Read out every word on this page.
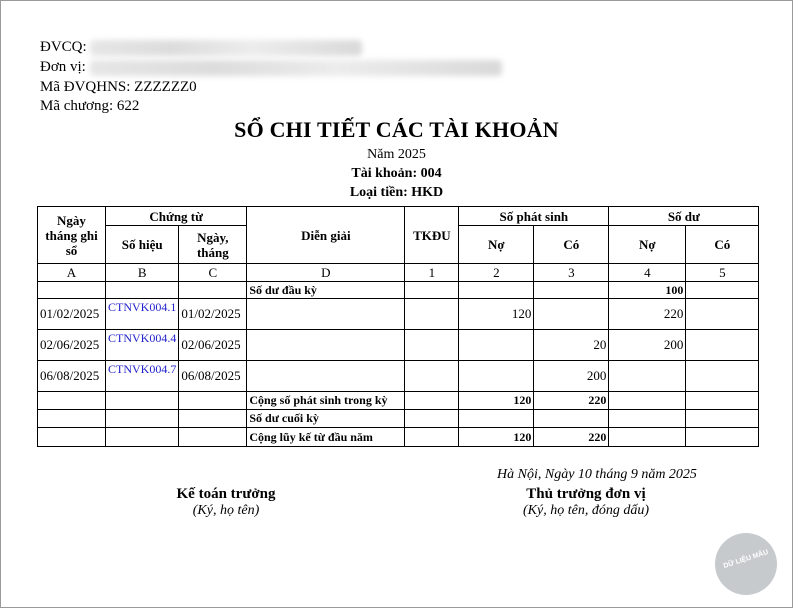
ĐVCQ:
Đơn vị:
Mã ĐVQHNS: ZZZZZZ0
Mã chương: 622
SỔ CHI TIẾT CÁC TÀI KHOẢN
Năm 2025
Tài khoản: 004
Loại tiền: HKD
Ngày tháng ghi sổ	Chứng từ		Diễn giải	TKĐU	Số phát sinh		Số dư	
	Số hiệu	Ngày, tháng			Nợ	Có	Nợ	Có
A	B	C	D	1	2	3	4	5
			Số dư đầu kỳ				100	
01/02/2025	CTNVK004.1	01/02/2025			120		220	
02/06/2025	CTNVK004.4	02/06/2025				20	200	
06/08/2025	CTNVK004.7	06/08/2025				200		
			Cộng số phát sinh trong kỳ		120	220		
			Số dư cuối kỳ					
			Cộng lũy kế từ đầu năm		120	220		
Hà Nội, Ngày 10 tháng 9 năm 2025
Kế toán trưởng
(Ký, họ tên)
Thủ trưởng đơn vị
(Ký, họ tên, đóng dấu)
DỮ LIỆU MẪU
